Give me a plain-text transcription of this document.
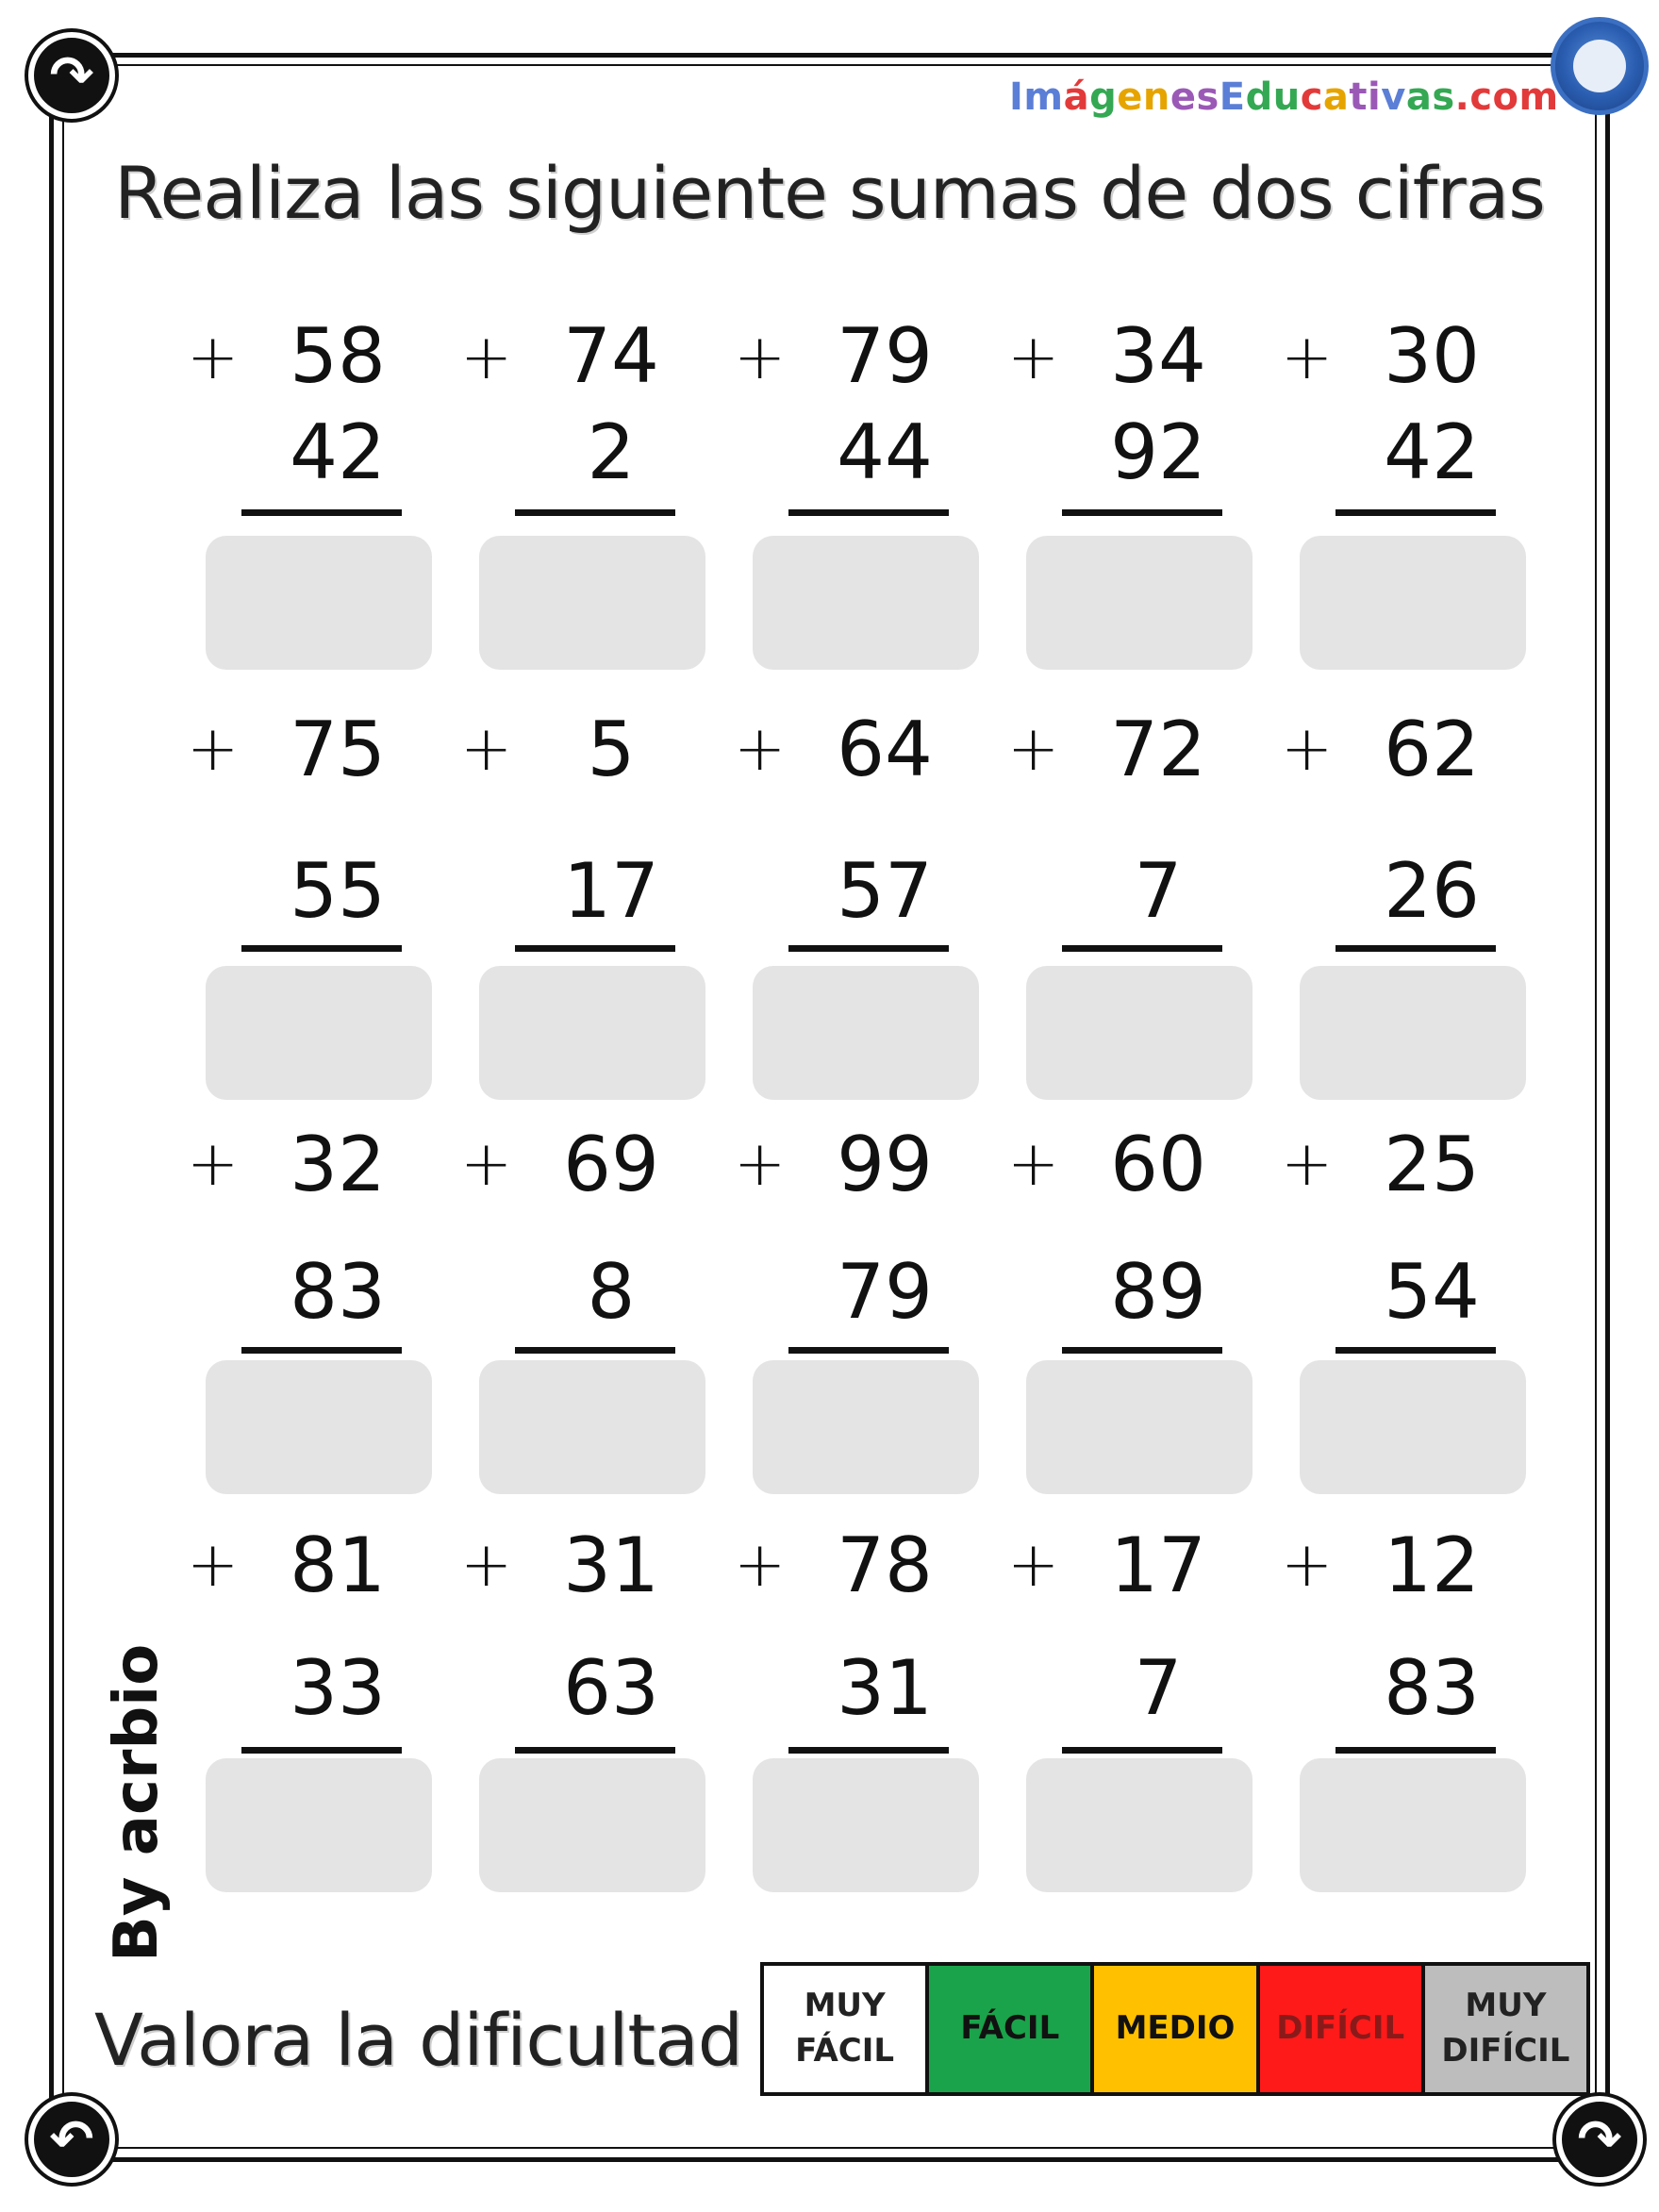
↷
↶	↷
ImágenesEducativas.com
Realiza las siguiente sumas de dos cifras
+ 58
42
+ 74
2
+ 79
44
+ 34
92
+ 30
42
+ 75
55
+ 5
17
+ 64
57
+ 72
7
+ 62
26
+ 32
83
+ 69
8
+ 99
79
+ 60
89
+ 25
54
+ 81
33
+ 31
63
+ 78
31
+ 17
7
+ 12
83
By acrbio
Valora la dificultad	MUY FÁCIL
FÁCIL	MEDIO	DIFÍCIL
MUY DIFÍCIL
